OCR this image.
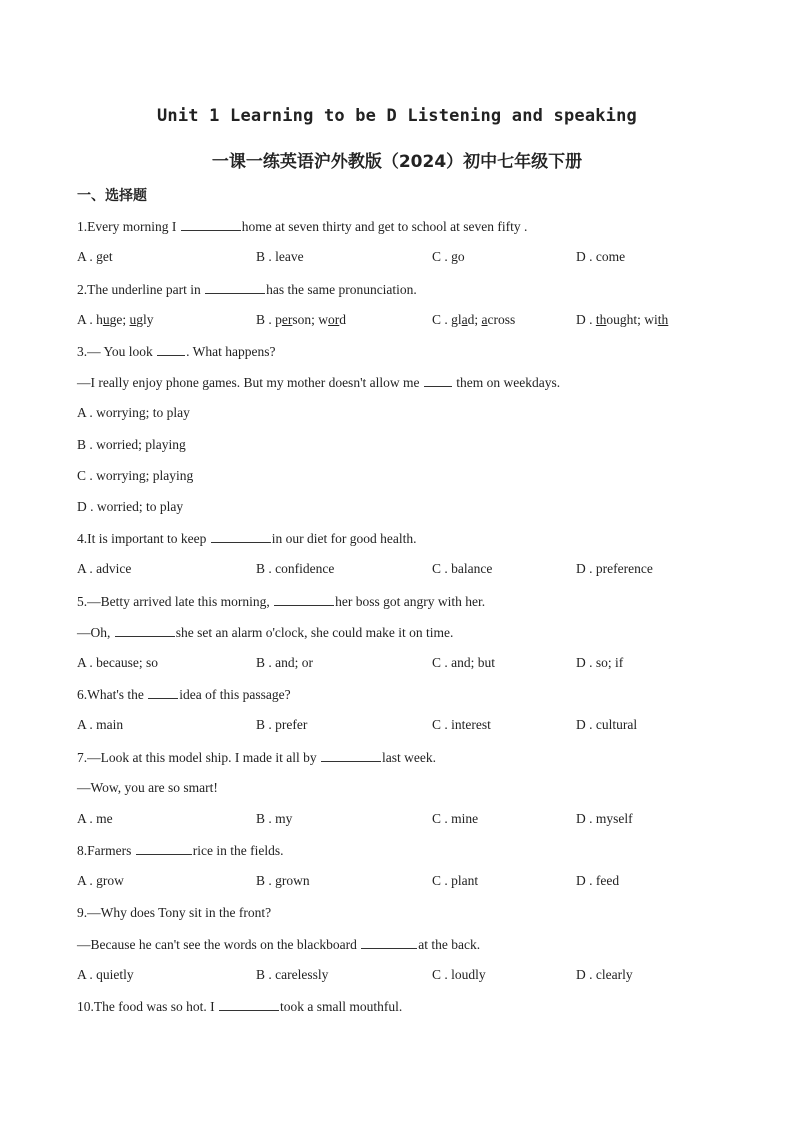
Unit 1 Learning to be D Listening and speaking
一课一练英语沪外教版（2024）初中七年级下册
一、选择题
1.Every morning I	home at seven thirty and get to school at seven fifty .
A . get	B . leave	C . go	D . come
2.The underline part in	has the same pronunciation.
A . huge; ugly	B . person; word	C . glad; across	D . thought; with
3.— You look . What happens?
—I really enjoy phone games. But my mother doesn't allow me  them on weekdays.
A . worrying; to play
B . worried; playing
C . worrying; playing
D . worried; to play
4.It is important to keep	in our diet for good health.
A . advice	B . confidence	C . balance	D . preference
5.—Betty arrived late this morning,	her boss got angry with her.
—Oh,	she set an alarm o'clock, she could make it on time.
A . because; so	B . and; or	C . and; but	D . so; if
6.What's the idea of this passage?
A . main	B . prefer	C . interest	D . cultural
7.—Look at this model ship. I made it all by	last week.
—Wow, you are so smart!
A . me	B . my	C . mine	D . myself
8.Farmers	rice in the fields.
A . grow	B . grown	C . plant	D . feed
9.—Why does Tony sit in the front?
—Because he can't see the words on the blackboard	at the back.
A . quietly	B . carelessly	C . loudly	D . clearly
10.The food was so hot. I	took a small mouthful.
